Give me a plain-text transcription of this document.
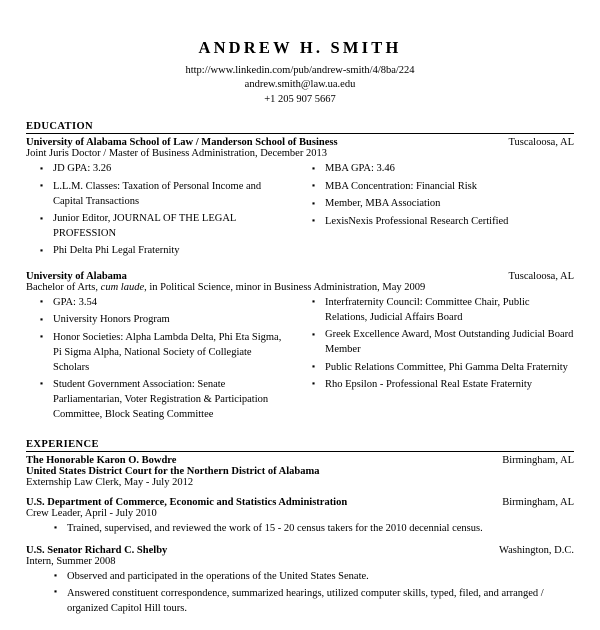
ANDREW H. SMITH
http://www.linkedin.com/pub/andrew-smith/4/8ba/224
andrew.smith@law.ua.edu
+1 205 907 5667
EDUCATION
University of Alabama School of Law / Manderson School of Business	Tuscaloosa, AL
Joint Juris Doctor / Master of Business Administration, December 2013
▪ JD GPA: 3.26
▪ L.L.M. Classes: Taxation of Personal Income and Capital Transactions
▪ Junior Editor, JOURNAL OF THE LEGAL PROFESSION
▪ Phi Delta Phi Legal Fraternity
▪ MBA GPA: 3.46
▪ MBA Concentration: Financial Risk
▪ Member, MBA Association
▪ LexisNexis Professional Research Certified
University of Alabama	Tuscaloosa, AL
Bachelor of Arts, cum laude, in Political Science, minor in Business Administration, May 2009
▪ GPA: 3.54
▪ University Honors Program
▪ Honor Societies: Alpha Lambda Delta, Phi Eta Sigma, Pi Sigma Alpha, National Society of Collegiate Scholars
▪ Student Government Association: Senate Parliamentarian, Voter Registration & Participation Committee, Block Seating Committee
▪ Interfraternity Council: Committee Chair, Public Relations, Judicial Affairs Board
▪ Greek Excellence Award, Most Outstanding Judicial Board Member
▪ Public Relations Committee, Phi Gamma Delta Fraternity
▪ Rho Epsilon - Professional Real Estate Fraternity
EXPERIENCE
The Honorable Karon O. Bowdre	Birmingham, AL
United States District Court for the Northern District of Alabama
Externship Law Clerk, May - July 2012
U.S. Department of Commerce, Economic and Statistics Administration	Birmingham, AL
Crew Leader, April - July 2010
▪ Trained, supervised, and reviewed the work of 15 - 20 census takers for the 2010 decennial census.
U.S. Senator Richard C. Shelby	Washington, D.C.
Intern, Summer 2008
▪ Observed and participated in the operations of the United States Senate.
▪ Answered constituent correspondence, summarized hearings, utilized computer skills, typed, filed, and arranged / organized Capitol Hill tours.
